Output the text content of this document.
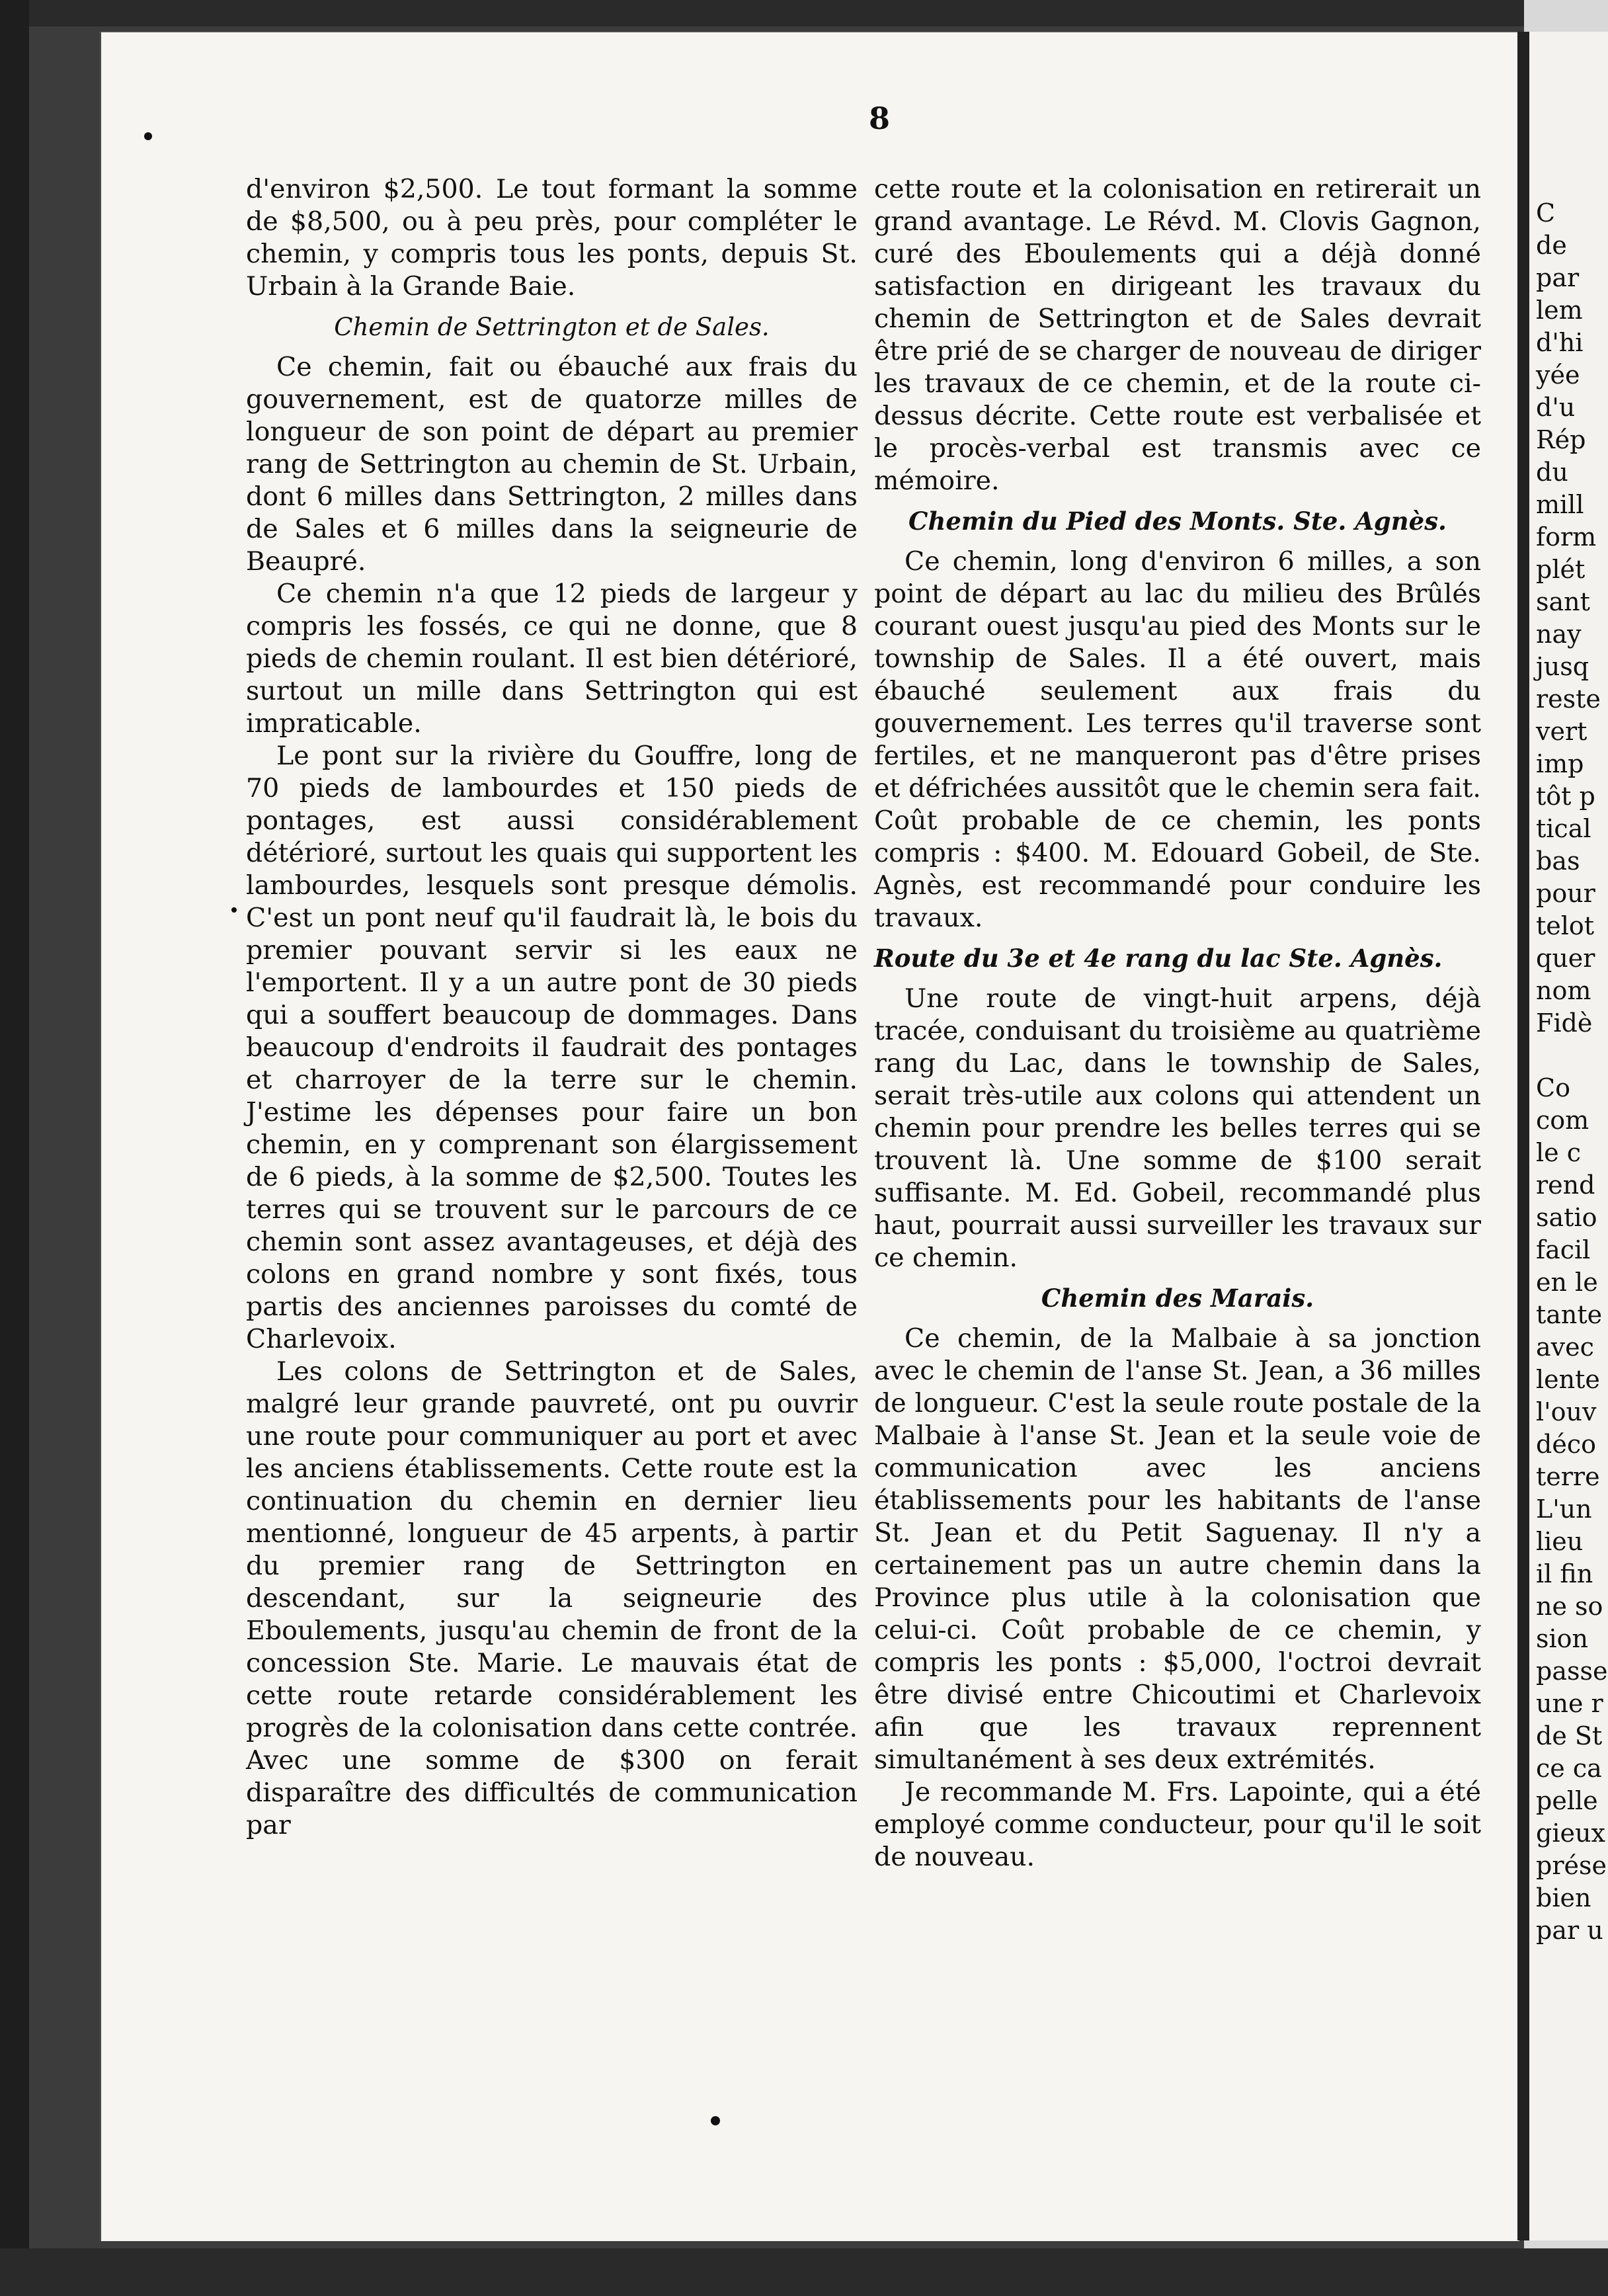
C
de
par
lem
d'hi
yée
d'u
Rép
du
mill
form
plét
sant
nay
jusq
reste
vert
imp
tôt p
tical
bas
pour
telot
quer
nom
Fidè

Co
com
le c
rend
satio
facil
en le
tante
avec
lente
l'ouv
déco
terre
L'un
lieu
il fin
ne so
sion
passe
une r
de St
ce ca
pelle
gieux
prése
bien
par u
8

d'environ $2,500. Le tout formant la somme de $8,500, ou à peu près, pour compléter le chemin, y compris tous les ponts, depuis St. Urbain à la Grande Baie.

Chemin de Settrington et de Sales.

Ce chemin, fait ou ébauché aux frais du gouvernement, est de quatorze milles de longueur de son point de départ au premier rang de Settrington au chemin de St. Urbain, dont 6 milles dans Settrington, 2 milles dans de Sales et 6 milles dans la seigneurie de Beaupré.

Ce chemin n'a que 12 pieds de largeur y compris les fossés, ce qui ne donne, que 8 pieds de chemin roulant. Il est bien détérioré, surtout un mille dans Settrington qui est impraticable.

Le pont sur la rivière du Gouffre, long de 70 pieds de lambourdes et 150 pieds de pontages, est aussi considérablement détérioré, surtout les quais qui supportent les lambourdes, lesquels sont presque démolis. C'est un pont neuf qu'il faudrait là, le bois du premier pouvant servir si les eaux ne l'emportent. Il y a un autre pont de 30 pieds qui a souffert beaucoup de dommages. Dans beaucoup d'endroits il faudrait des pontages et charroyer de la terre sur le chemin. J'estime les dépenses pour faire un bon chemin, en y comprenant son élargissement de 6 pieds, à la somme de $2,500. Toutes les terres qui se trouvent sur le parcours de ce chemin sont assez avantageuses, et déjà des colons en grand nombre y sont fixés, tous partis des anciennes paroisses du comté de Charlevoix.

Les colons de Settrington et de Sales, malgré leur grande pauvreté, ont pu ouvrir une route pour communiquer au port et avec les anciens établissements. Cette route est la continuation du chemin en dernier lieu mentionné, longueur de 45 arpents, à partir du premier rang de Settrington en descendant, sur la seigneurie des Eboulements, jusqu'au chemin de front de la concession Ste. Marie. Le mauvais état de cette route retarde considérablement les progrès de la colonisation dans cette contrée. Avec une somme de $300 on ferait disparaître des difficultés de communication par

cette route et la colonisation en retirerait un grand avantage. Le Révd. M. Clovis Gagnon, curé des Eboulements qui a déjà donné satisfaction en dirigeant les travaux du chemin de Settrington et de Sales devrait être prié de se charger de nouveau de diriger les travaux de ce chemin, et de la route ci-dessus décrite. Cette route est verbalisée et le procès-verbal est transmis avec ce mémoire.

Chemin du Pied des Monts. Ste. Agnès.

Ce chemin, long d'environ 6 milles, a son point de départ au lac du milieu des Brûlés courant ouest jusqu'au pied des Monts sur le township de Sales. Il a été ouvert, mais ébauché seulement aux frais du gouvernement. Les terres qu'il traverse sont fertiles, et ne manqueront pas d'être prises et défrichées aussitôt que le chemin sera fait. Coût probable de ce chemin, les ponts compris : $400. M. Edouard Gobeil, de Ste. Agnès, est recommandé pour conduire les travaux.

Route du 3e et 4e rang du lac Ste. Agnès.

Une route de vingt-huit arpens, déjà tracée, conduisant du troisième au quatrième rang du Lac, dans le township de Sales, serait très-utile aux colons qui attendent un chemin pour prendre les belles terres qui se trouvent là. Une somme de $100 serait suffisante. M. Ed. Gobeil, recommandé plus haut, pourrait aussi surveiller les travaux sur ce chemin.

Chemin des Marais.

Ce chemin, de la Malbaie à sa jonction avec le chemin de l'anse St. Jean, a 36 milles de longueur. C'est la seule route postale de la Malbaie à l'anse St. Jean et la seule voie de communication avec les anciens établissements pour les habitants de l'anse St. Jean et du Petit Saguenay. Il n'y a certainement pas un autre chemin dans la Province plus utile à la colonisation que celui-ci. Coût probable de ce chemin, y compris les ponts : $5,000, l'octroi devrait être divisé entre Chicoutimi et Charlevoix afin que les travaux reprennent simultanément à ses deux extrémités.

Je recommande M. Frs. Lapointe, qui a été employé comme conducteur, pour qu'il le soit de nouveau.
